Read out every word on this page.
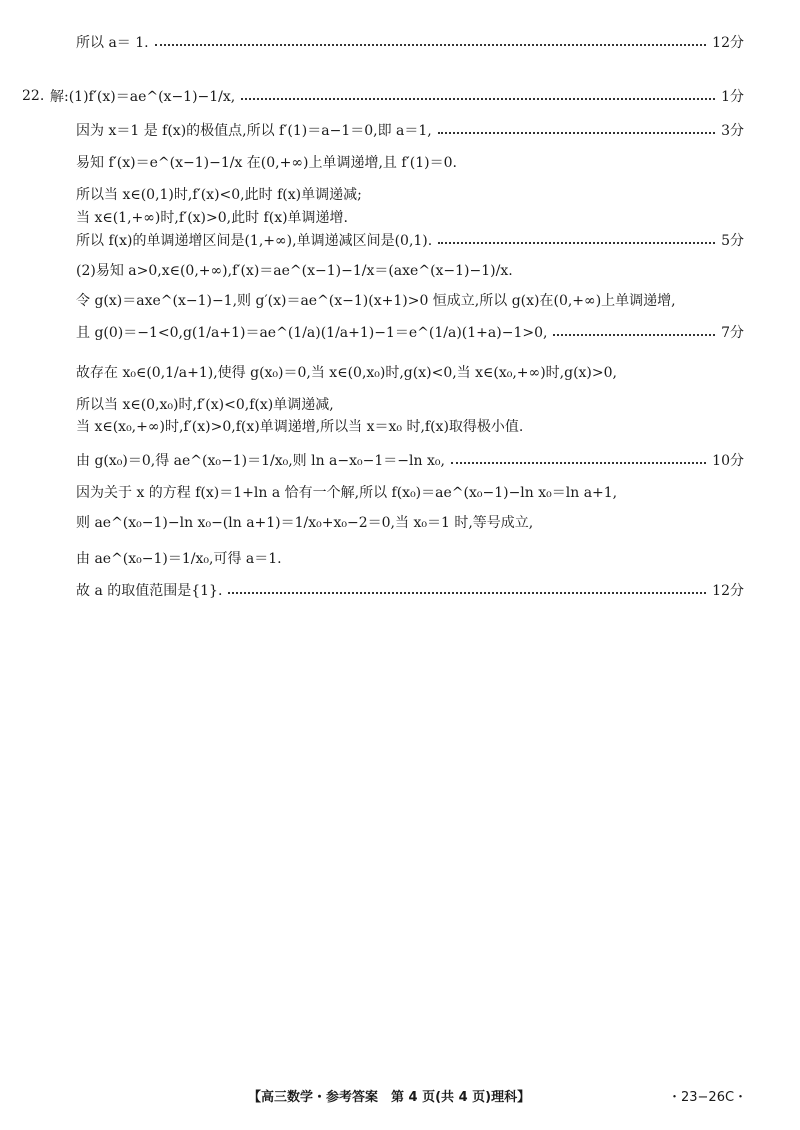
所以 a＝ 1.	12分
22. 解:(1)f′(x)＝ae^(x−1)−1/x,	1分
因为 x＝1 是 f(x)的极值点,所以 f′(1)＝a−1＝0,即 a＝1,	3分
易知 f′(x)＝e^(x−1)−1/x 在(0,+∞)上单调递增,且 f′(1)＝0.
所以当 x∈(0,1)时,f′(x)<0,此时 f(x)单调递减;
当 x∈(1,+∞)时,f′(x)>0,此时 f(x)单调递增.
所以 f(x)的单调递增区间是(1,+∞),单调递减区间是(0,1).	5分
(2)易知 a>0,x∈(0,+∞),f′(x)＝ae^(x−1)−1/x＝(axe^(x−1)−1)/x.
令 g(x)＝axe^(x−1)−1,则 g′(x)＝ae^(x−1)(x+1)>0 恒成立,所以 g(x)在(0,+∞)上单调递增,
且 g(0)＝−1<0,g(1/a+1)＝ae^(1/a)(1/a+1)−1＝e^(1/a)(1+a)−1>0,	7分
故存在 x₀∈(0,1/a+1),使得 g(x₀)＝0,当 x∈(0,x₀)时,g(x)<0,当 x∈(x₀,+∞)时,g(x)>0,
所以当 x∈(0,x₀)时,f′(x)<0,f(x)单调递减,
当 x∈(x₀,+∞)时,f′(x)>0,f(x)单调递增,所以当 x＝x₀ 时,f(x)取得极小值.
由 g(x₀)＝0,得 ae^(x₀−1)＝1/x₀,则 ln a−x₀−1＝−ln x₀,	10分
因为关于 x 的方程 f(x)＝1+ln a 恰有一个解,所以 f(x₀)＝ae^(x₀−1)−ln x₀＝ln a+1,
则 ae^(x₀−1)−ln x₀−(ln a+1)＝1/x₀+x₀−2＝0,当 x₀＝1 时,等号成立,
由 ae^(x₀−1)＝1/x₀,可得 a＝1.
故 a 的取值范围是{1}.	12分
【高三数学・参考答案　第 4 页(共 4 页)理科】	・23−26C・
